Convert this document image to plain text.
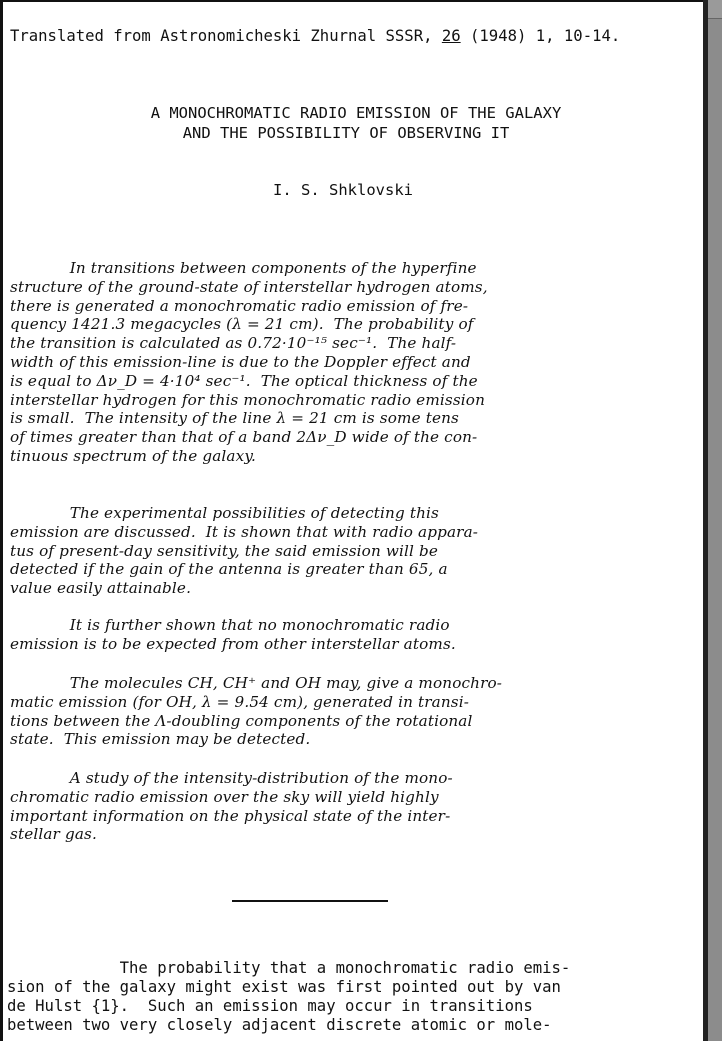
Translated from Astronomicheski Zhurnal SSSR, 26 (1948) 1, 10-14.
A MONOCHROMATIC RADIO EMISSION OF THE GALAXY
AND THE POSSIBILITY OF OBSERVING IT
I. S. Shklovski
In transitions between components of the hyperfine
structure of the ground-state of interstellar hydrogen atoms,
there is generated a monochromatic radio emission of fre-
quency 1421.3 megacycles (λ = 21 cm).  The probability of
the transition is calculated as 0.72·10⁻¹⁵ sec⁻¹.  The half-
width of this emission-line is due to the Doppler effect and
is equal to Δν_D = 4·10⁴ sec⁻¹.  The optical thickness of the
interstellar hydrogen for this monochromatic radio emission
is small.  The intensity of the line λ = 21 cm is some tens
of times greater than that of a band 2Δν_D wide of the con-
tinuous spectrum of the galaxy.
The experimental possibilities of detecting this
emission are discussed.  It is shown that with radio appara-
tus of present-day sensitivity, the said emission will be
detected if the gain of the antenna is greater than 65, a
value easily attainable.
It is further shown that no monochromatic radio
emission is to be expected from other interstellar atoms.
The molecules CH, CH⁺ and OH may, give a monochro-
matic emission (for OH, λ = 9.54 cm), generated in transi-
tions between the Λ-doubling components of the rotational
state.  This emission may be detected.
A study of the intensity-distribution of the mono-
chromatic radio emission over the sky will yield highly
important information on the physical state of the inter-
stellar gas.
The probability that a monochromatic radio emis-
sion of the galaxy might exist was first pointed out by van
de Hulst {1}.  Such an emission may occur in transitions
between two very closely adjacent discrete atomic or mole-
